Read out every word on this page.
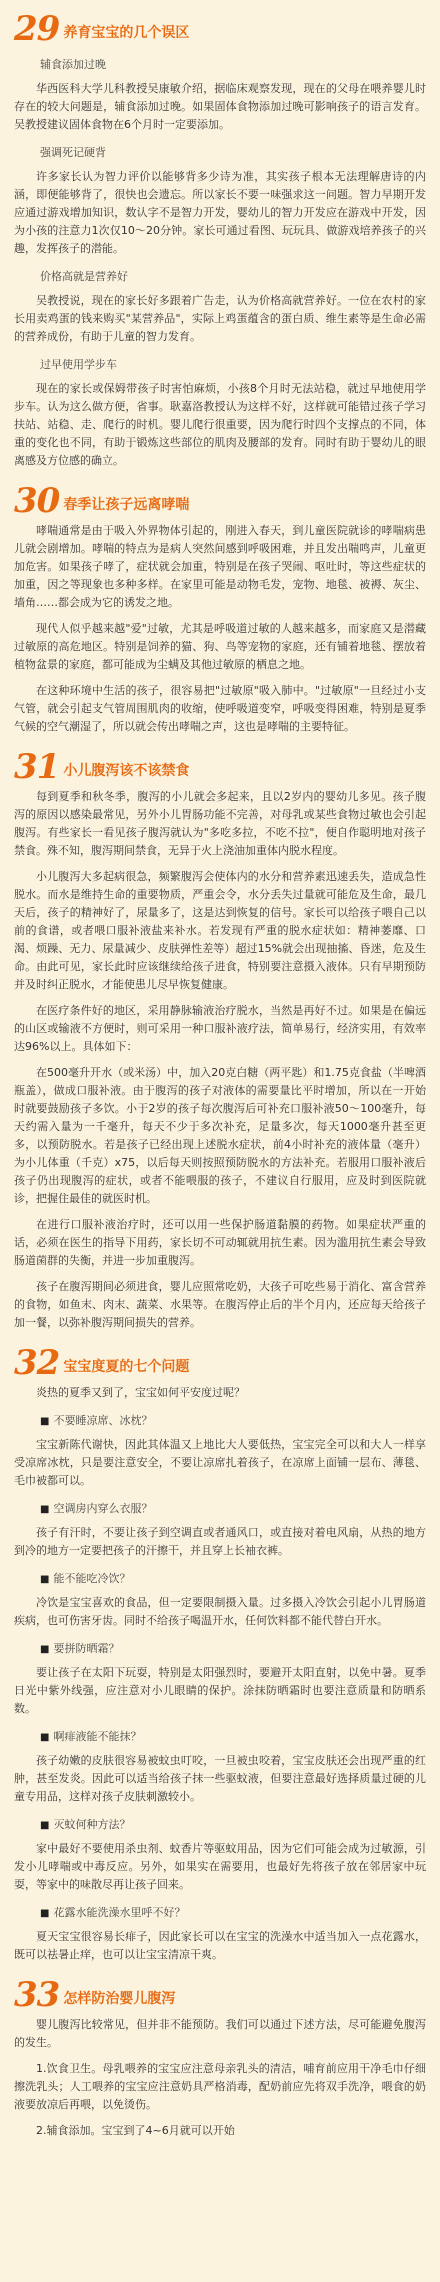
29 养育宝宝的几个误区
辅食添加过晚

华西医科大学儿科教授吴康敏介绍，据临床观察发现，现在的父母在喂养婴儿时存在的较大问题是，辅食添加过晚。如果固体食物添加过晚可影响孩子的语言发育。吴教授建议固体食物在6个月时一定要添加。

强调死记硬背

许多家长认为智力评价以能够背多少诗为准，其实孩子根本无法理解唐诗的内涵，即便能够背了，很快也会遗忘。所以家长不要一味强求这一问题。智力早期开发应通过游戏增加知识，数认字不是智力开发，婴幼儿的智力开发应在游戏中开发，因为小孩的注意力1次仅10～20分钟。家长可通过看图、玩玩具、做游戏培养孩子的兴趣，发挥孩子的潜能。

价格高就是营养好

吴教授说，现在的家长好多跟着广告走，认为价格高就营养好。一位在农村的家长用卖鸡蛋的钱来购买"某营养品"，实际上鸡蛋蕴含的蛋白质、维生素等是生命必需的营养成份，有助于儿童的智力发育。

过早使用学步车

现在的家长或保姆带孩子时害怕麻烦，小孩8个月时无法站稳，就过早地使用学步车。认为这么做方便，省事。耿嘉洛教授认为这样不好，这样就可能错过孩子学习扶站、站稳、走、爬行的时机。婴儿爬行很重要，因为爬行时四个支撑点的不同，体重的变化也不同，有助于锻炼这些部位的肌肉及腰部的发育。同时有助于婴幼儿的眼离感及方位感的确立。

30 春季让孩子远离哮喘

哮喘通常是由于吸入外界物体引起的，刚进入春天，到儿童医院就诊的哮喘病患儿就会剧增加。哮喘的特点为是病人突然间感到呼吸困难，并且发出喘鸣声，儿童更加危害。如果孩子哮了，症状就会加重，特别是在孩子哭闹、呕吐时，等这些症状的加重，因之等现象也多种多样。在家里可能是动物毛发，宠物、地毯、被褥、灰尘、墙角……都会成为它的诱发之地。

现代人似乎越来越"爱"过敏，尤其是呼吸道过敏的人越来越多，而家庭又是潜藏过敏原的高危地区。特别是饲养的猫、狗、鸟等宠物的家庭，还有铺着地毯、摆放着植物盆景的家庭，都可能成为尘螨及其他过敏原的栖息之地。

在这种环境中生活的孩子，很容易把"过敏原"吸入肺中。"过敏原"一旦经过小支气管，就会引起支气管周围肌肉的收缩，使呼吸道变窄，呼吸变得困难，特别是夏季气候的空气潮湿了，所以就会传出哮喘之声，这也是哮喘的主要特征。

31 小儿腹泻该不该禁食

每到夏季和秋冬季，腹泻的小儿就会多起来，且以2岁内的婴幼儿多见。孩子腹泻的原因以感染最常见，另外小儿胃肠功能不完善，对母乳或某些食物过敏也会引起腹泻。有些家长一看见孩子腹泻就认为"多吃多拉，不吃不拉"，便自作聪明地对孩子禁食。殊不知，腹泻期间禁食，无异于火上浇油加重体内脱水程度。

小儿腹泻大多起病很急，频繁腹泻会使体内的水分和营养素迅速丢失，造成急性脱水。而水是维持生命的重要物质，严重会令，水分丢失过量就可能危及生命，最几天后，孩子的精神好了，尿量多了，这是达到恢复的信号。家长可以给孩子喂自己以前的食谱，或者喂口服补液盐来补水。若发现有严重的脱水症状如：精神萎靡、口渴、烦躁、无力、尿量减少、皮肤弹性差等）超过15%就会出现抽搐、昏迷，危及生命。由此可见，家长此时应该继续给孩子进食，特别要注意摄入液体。只有早期预防并及时纠正脱水，才能使患儿尽早恢复健康。

在医疗条件好的地区，采用静脉输液治疗脱水，当然是再好不过。如果是在偏远的山区或输液不方便时，则可采用一种口服补液疗法，简单易行，经济实用，有效率达96%以上。具体如下：

在500毫升开水（或米汤）中，加入20克白糖（两平匙）和1.75克食盐（半啤酒瓶盖），做成口服补液。由于腹泻的孩子对液体的需要量比平时增加，所以在一开始时就要鼓励孩子多饮。小于2岁的孩子每次腹泻后可补充口服补液50～100毫升，每天约需入量为一千毫升，每天不少于多次补充，足量多次，每天1000毫升甚至更多，以预防脱水。若是孩子已经出现上述脱水症状，前4小时补充的液体量（毫升）为小儿体重（千克）x75，以后每天则按照预防脱水的方法补充。若服用口服补液后孩子仍出现腹泻的症状，或者不能喂服的孩子，不建议自行服用，应及时到医院就诊，把握住最佳的就医时机。

在进行口服补液治疗时，还可以用一些保护肠道黏膜的药物。如果症状严重的话，必须在医生的指导下用药，家长切不可动辄就用抗生素。因为滥用抗生素会导致肠道菌群的失衡，并进一步加重腹泻。

孩子在腹泻期间必须进食，婴儿应照常吃奶，大孩子可吃些易于消化、富含营养的食物，如鱼末、肉末、蔬菜、水果等。在腹泻停止后的半个月内，还应每天给孩子加一餐，以弥补腹泻期间损失的营养。

32 宝宝度夏的七个问题

炎热的夏季又到了，宝宝如何平安度过呢？

■ 不要睡凉席、冰枕？

宝宝新陈代谢快，因此其体温又上地比大人要低热，宝宝完全可以和大人一样享受凉席冰枕，只是要注意安全，不要让凉席扎着孩子，在凉席上面铺一层布、薄毯、毛巾被都可以。

■ 空调房内穿么衣服？

孩子有汗时，不要让孩子到空调直或者通风口，或直接对着电风扇，从热的地方到冷的地方一定要把孩子的汗擦干，并且穿上长袖衣裤。

■ 能不能吃冷饮？

冷饮是宝宝喜欢的食品，但一定要限制摄入量。过多摄入冷饮会引起小儿胃肠道疾病，也可伤害牙齿。同时不给孩子喝温开水，任何饮料都不能代替白开水。

■ 要拼防晒霜？

要让孩子在太阳下玩耍，特别是太阳强烈时，要避开太阳直射，以免中暑。夏季日光中紫外线强，应注意对小儿眼睛的保护。涂抹防晒霜时也要注意质量和防晒系数。

■ 啊痱液能不能抹？

孩子幼嫩的皮肤很容易被蚊虫叮咬，一旦被虫咬着，宝宝皮肤还会出现严重的红肿，甚至发炎。因此可以适当给孩子抹一些驱蚊液，但要注意最好选择质量过硬的儿童专用品，这样对孩子皮肤刺激较小。

■ 灭蚊何种方法？

家中最好不要使用杀虫剂、蚊香片等驱蚊用品，因为它们可能会成为过敏源，引发小儿哮喘或中毒反应。另外，如果实在需要用，也最好先将孩子放在邻居家中玩耍，等家中的味散尽再让孩子回来。

■ 花露水能洗澡水里呼不好？

夏天宝宝很容易长痱子，因此家长可以在宝宝的洗澡水中适当加入一点花露水，既可以祛暑止痒，也可以让宝宝清凉干爽。

33 怎样防治婴儿腹泻

婴儿腹泻比较常见，但并非不能预防。我们可以通过下述方法，尽可能避免腹泻的发生。

1.饮食卫生。母乳喂养的宝宝应注意母亲乳头的清洁，哺育前应用干净毛巾仔细擦洗乳头；人工喂养的宝宝应注意奶具严格消毒，配奶前应先将双手洗净，喂食的奶液要放凉后再喂，以免烫伤。

2.辅食添加。宝宝到了4~6月就可以开始
